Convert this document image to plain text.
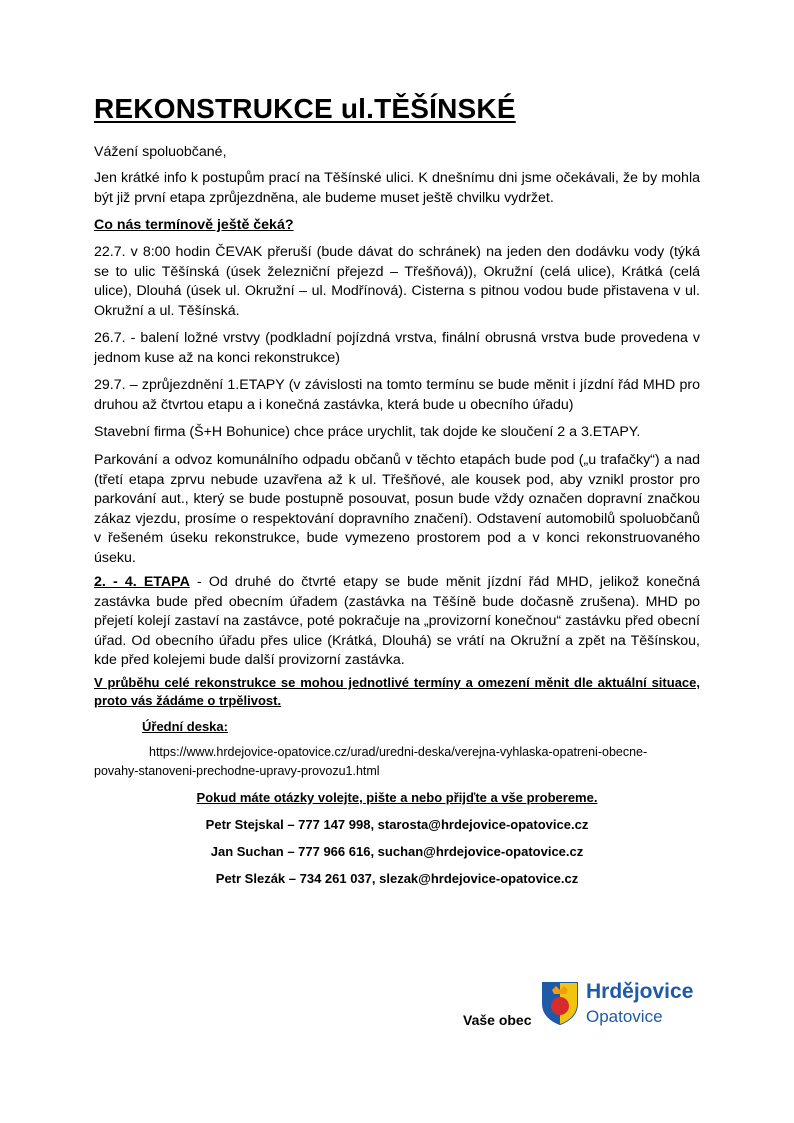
REKONSTRUKCE ul.TĚŠÍNSKÉ

Vážení spoluobčané,

Jen krátké info k postupům prací na Těšínské ulici. K dnešnímu dni jsme očekávali, že by mohla být již první etapa zprůjezdněna, ale budeme muset ještě chvilku vydržet.

Co nás termínově ještě čeká?

22.7. v 8:00 hodin ČEVAK přeruší (bude dávat do schránek) na jeden den dodávku vody (týká se to ulic Těšínská (úsek železniční přejezd – Třešňová)), Okružní (celá ulice), Krátká (celá ulice), Dlouhá (úsek ul. Okružní – ul. Modřínová). Cisterna s pitnou vodou bude přistavena v ul. Okružní a ul. Těšínská.

26.7. - balení ložné vrstvy (podkladní pojízdná vrstva, finální obrusná vrstva bude provedena v jednom kuse až na konci rekonstrukce)

29.7. – zprůjezdnění 1.ETAPY (v závislosti na tomto termínu se bude měnit i jízdní řád MHD pro druhou až čtvrtou etapu a i konečná zastávka, která bude u obecního úřadu)

Stavební firma (Š+H Bohunice) chce práce urychlit, tak dojde ke sloučení 2 a 3.ETAPY.

Parkování a odvoz komunálního odpadu občanů v těchto etapách bude pod („u trafačky“) a nad (třetí etapa zprvu nebude uzavřena až k ul. Třešňové, ale kousek pod, aby vznikl prostor pro parkování aut., který se bude postupně posouvat, posun bude vždy označen dopravní značkou zákaz vjezdu, prosíme o respektování dopravního značení). Odstavení automobilů spoluobčanů v řešeném úseku rekonstrukce, bude vymezeno prostorem pod a v konci rekonstruovaného úseku.

2. - 4. ETAPA - Od druhé do čtvrté etapy se bude měnit jízdní řád MHD, jelikož konečná zastávka bude před obecním úřadem (zastávka na Těšíně bude dočasně zrušena). MHD po přejetí kolejí zastaví na zastávce, poté pokračuje na „provizorní konečnou“ zastávku před obecní úřad. Od obecního úřadu přes ulice (Krátká, Dlouhá) se vrátí na Okružní a zpět na Těšínskou, kde před kolejemi bude další provizorní zastávka.

V průběhu celé rekonstrukce se mohou jednotlivé termíny a omezení měnit dle aktuální situace, proto vás žádáme o trpělivost.

Úřední deska:

https://www.hrdejovice-opatovice.cz/urad/uredni-deska/verejna-vyhlaska-opatreni-obecne-
povahy-stanoveni-prechodne-upravy-provozu1.html
Pokud máte otázky volejte, pište a nebo přijďte a vše probereme.
Petr Stejskal – 777 147 998, starosta@hrdejovice-opatovice.cz
Jan Suchan – 777 966 616, suchan@hrdejovice-opatovice.cz
Petr Slezák – 734 261 037, slezak@hrdejovice-opatovice.cz
Vaše obec
Hrdějovice
Opatovice
